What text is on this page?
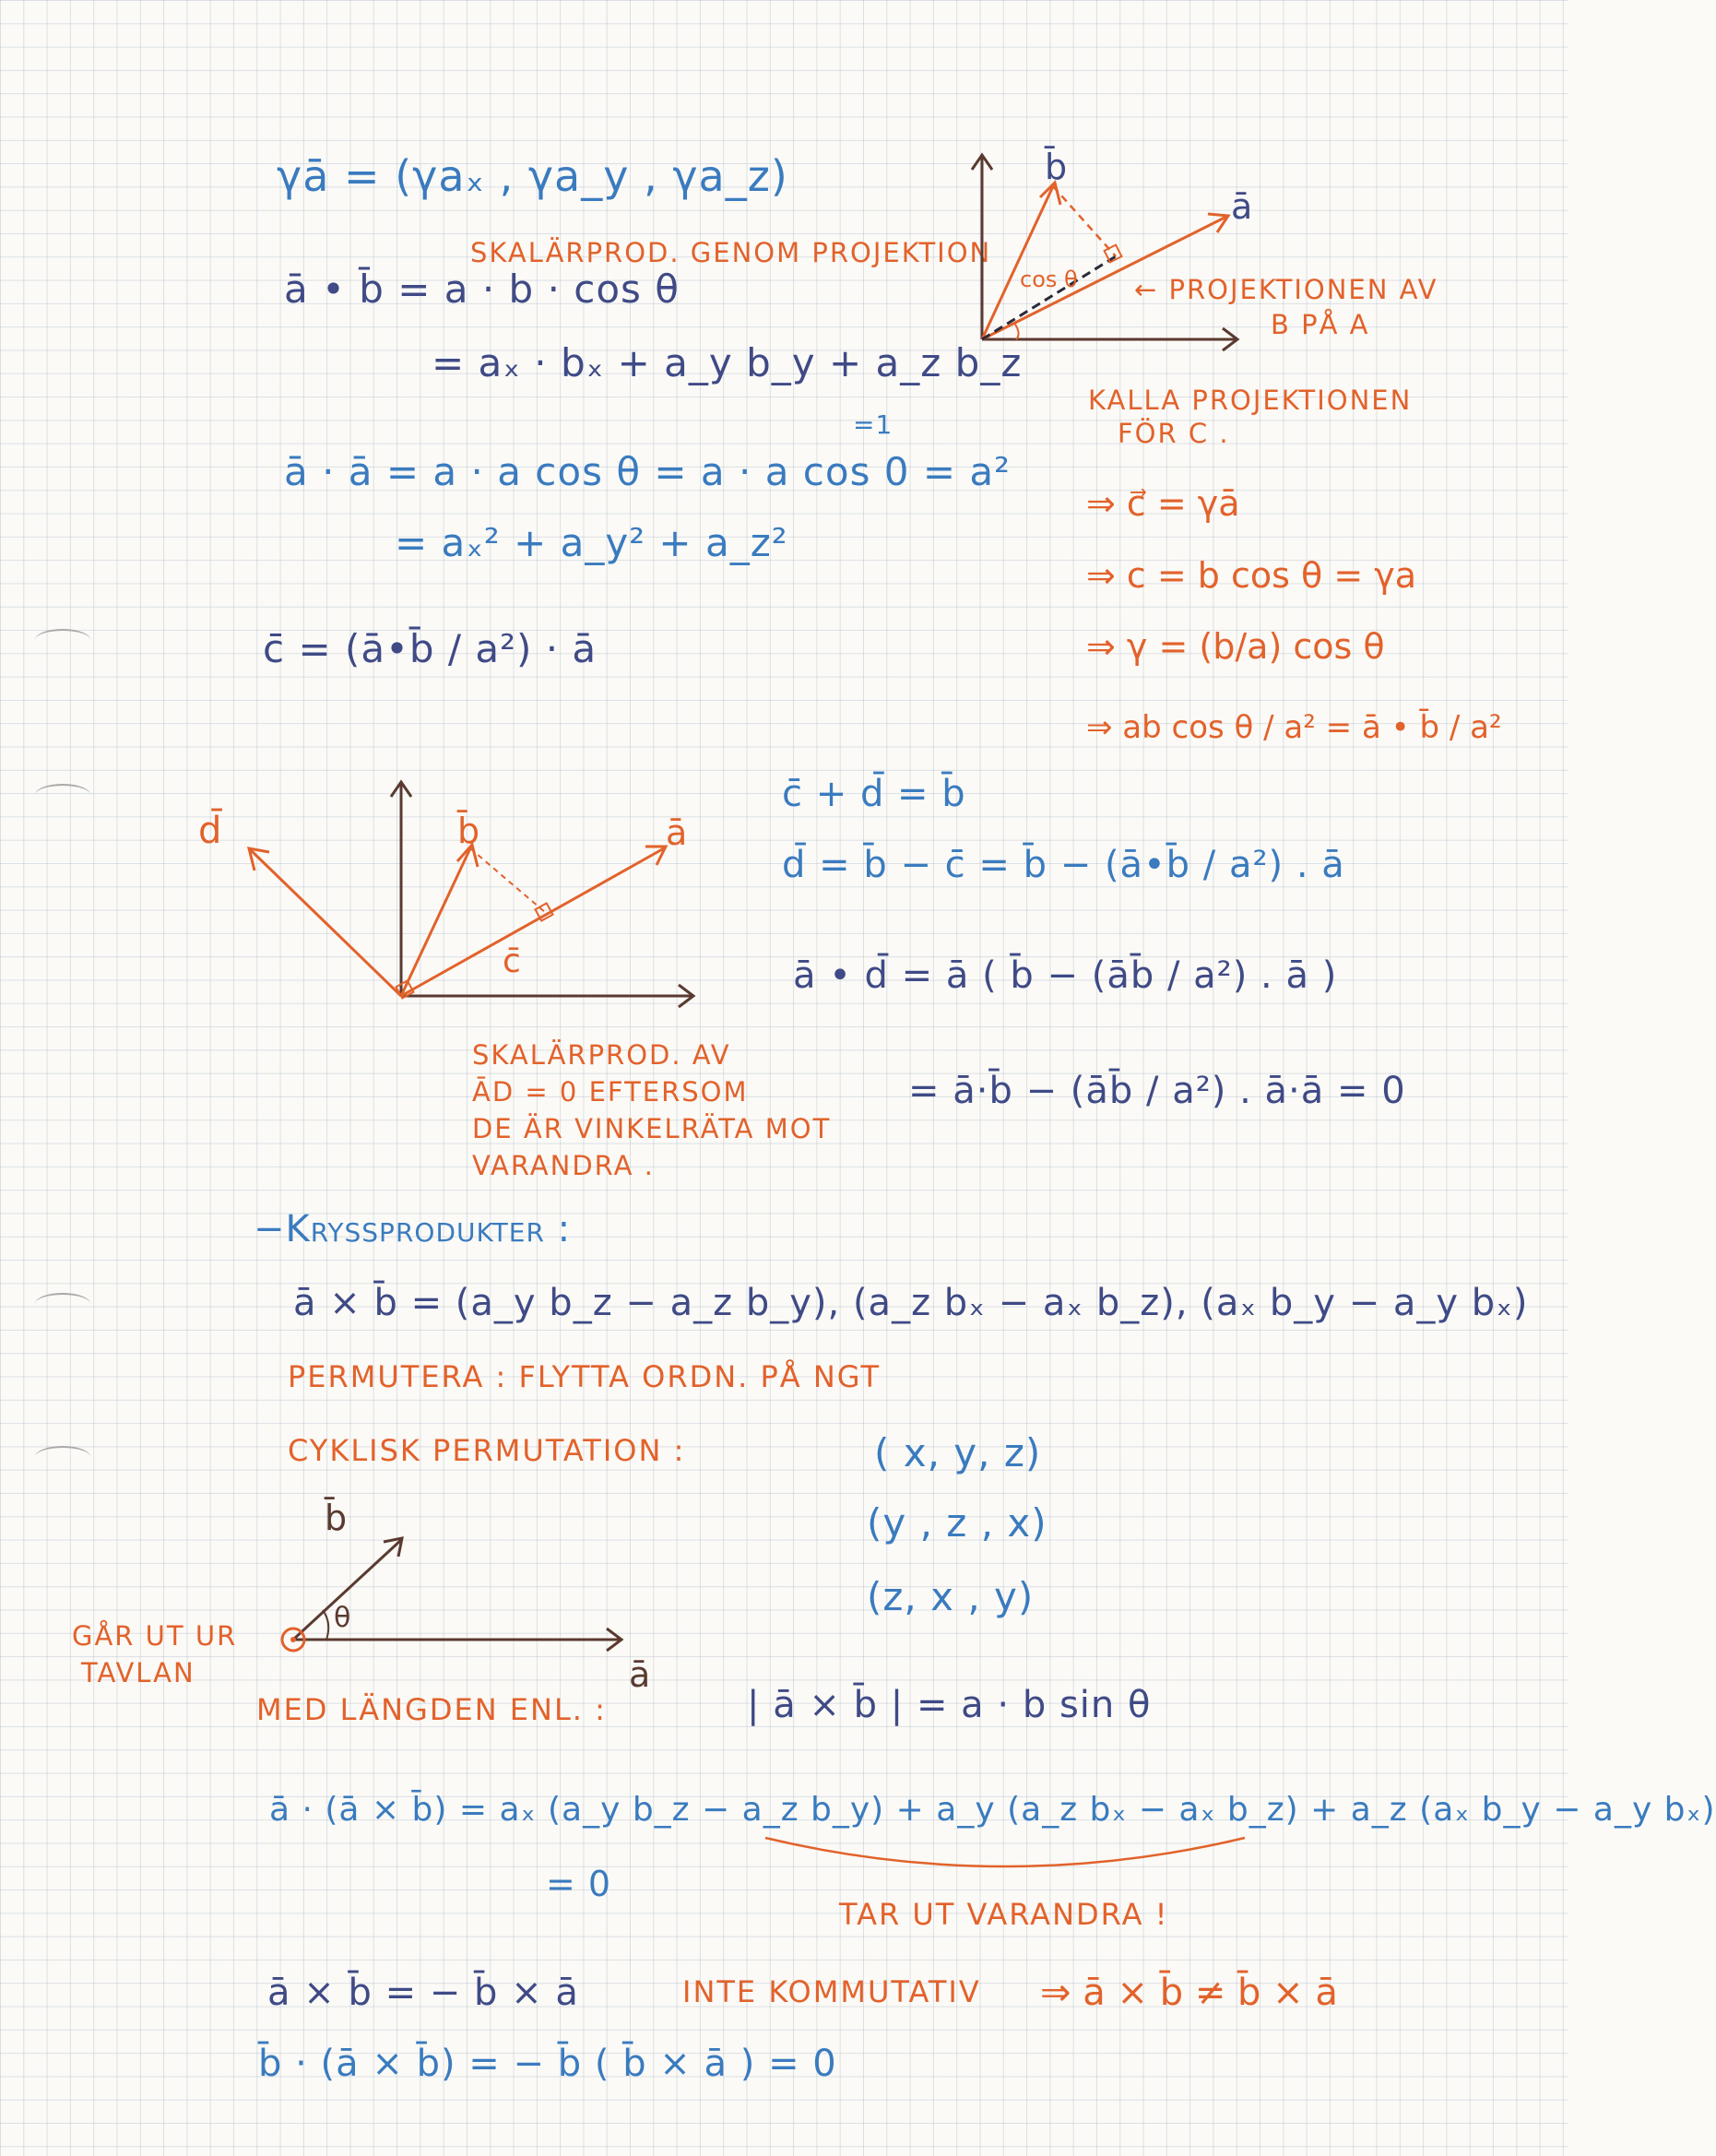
γā = (γaₓ , γa_y , γa_z)
SKALÄRPROD. GENOM PROJEKTION
ā • b̄ = a · b · cos θ
= aₓ · bₓ + a_y b_y + a_z b_z
=1
ā · ā = a · a cos θ = a · a cos 0 = a²
= aₓ² + a_y² + a_z²
c̄ = (ā•b̄ / a²) · ā
b̄
ā
cos θ ← PROJEKTIONEN AV
B PÅ A
KALLA PROJEKTIONEN
FÖR C .
⇒ c⃗ = γā
⇒ c = b cos θ = γa
⇒ γ = (b/a) cos θ
⇒ ab cos θ / a² = ā • b̄ / a²
d̄	b̄	ā
c̄
c̄ + d̄ = b̄
d̄ = b̄ − c̄ = b̄ − (ā•b̄ / a²) . ā
ā • d̄ = ā ( b̄ − (āb̄ / a²) . ā )
= ā·b̄ − (āb̄ / a²) . ā·ā = 0
SKALÄRPROD. AV
ĀD = 0 EFTERSOM
DE ÄR VINKELRÄTA MOT
VARANDRA .
−Kryssprodukter :
ā × b̄ = (a_y b_z − a_z b_y), (a_z bₓ − aₓ b_z), (aₓ b_y − a_y bₓ)
PERMUTERA : FLYTTA ORDN. PÅ NGT
CYKLISK PERMUTATION :	( x, y, z)
(y , z , x)
(z, x , y)
b̄
ā
θ
GÅR UT UR
TAVLAN
MED LÄNGDEN ENL. :	| ā × b̄ | = a · b sin θ
ā · (ā × b̄) = aₓ (a_y b_z − a_z b_y) + a_y (a_z bₓ − aₓ b_z) + a_z (aₓ b_y − a_y bₓ)
= 0
TAR UT VARANDRA !
ā × b̄ = − b̄ × ā	INTE KOMMUTATIV ⇒ ā × b̄ ≠ b̄ × ā
b̄ · (ā × b̄) = − b̄ ( b̄ × ā ) = 0
